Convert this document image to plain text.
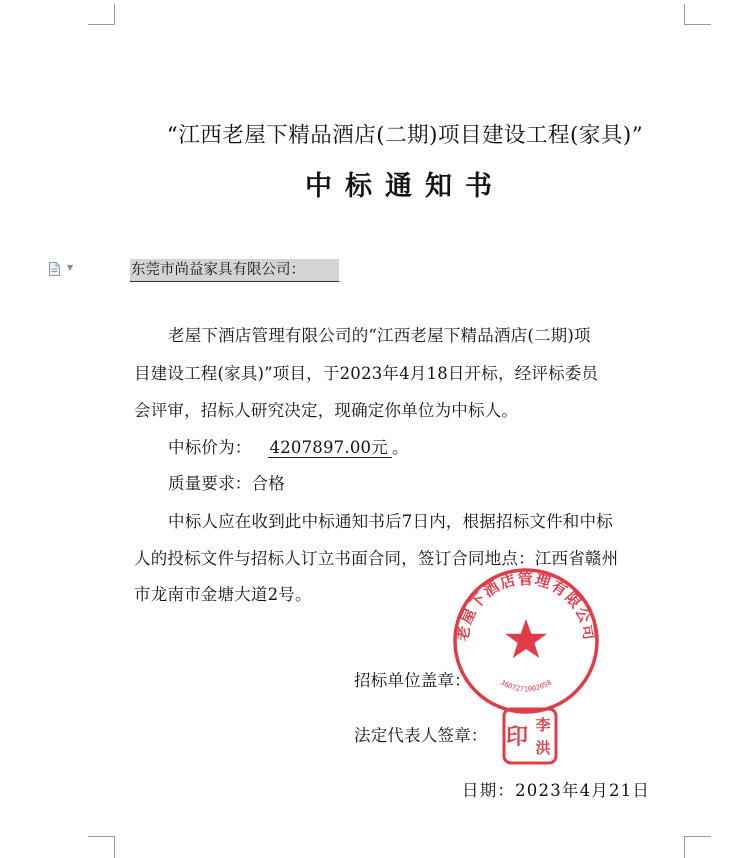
▼
“江西老屋下精品酒店(二期)项目建设工程(家具)”
中标通知书
东莞市尚益家具有限公司：
老屋下酒店管理有限公司的“江西老屋下精品酒店(二期)项
目建设工程(家具)”项目，于2023年4月18日开标，经评标委员
会评审，招标人研究决定，现确定你单位为中标人。
中标价为： 4207897.00元 。
质量要求：合格
中标人应在收到此中标通知书后7日内，根据招标文件和中标
人的投标文件与招标人订立书面合同，签订合同地点：江西省赣州
市龙南市金塘大道2号。
招标单位盖章：
法定代表人签章：
日期：2023年4月21日
老屋下酒店管理有限公司
3607271002058
印 李
洪
